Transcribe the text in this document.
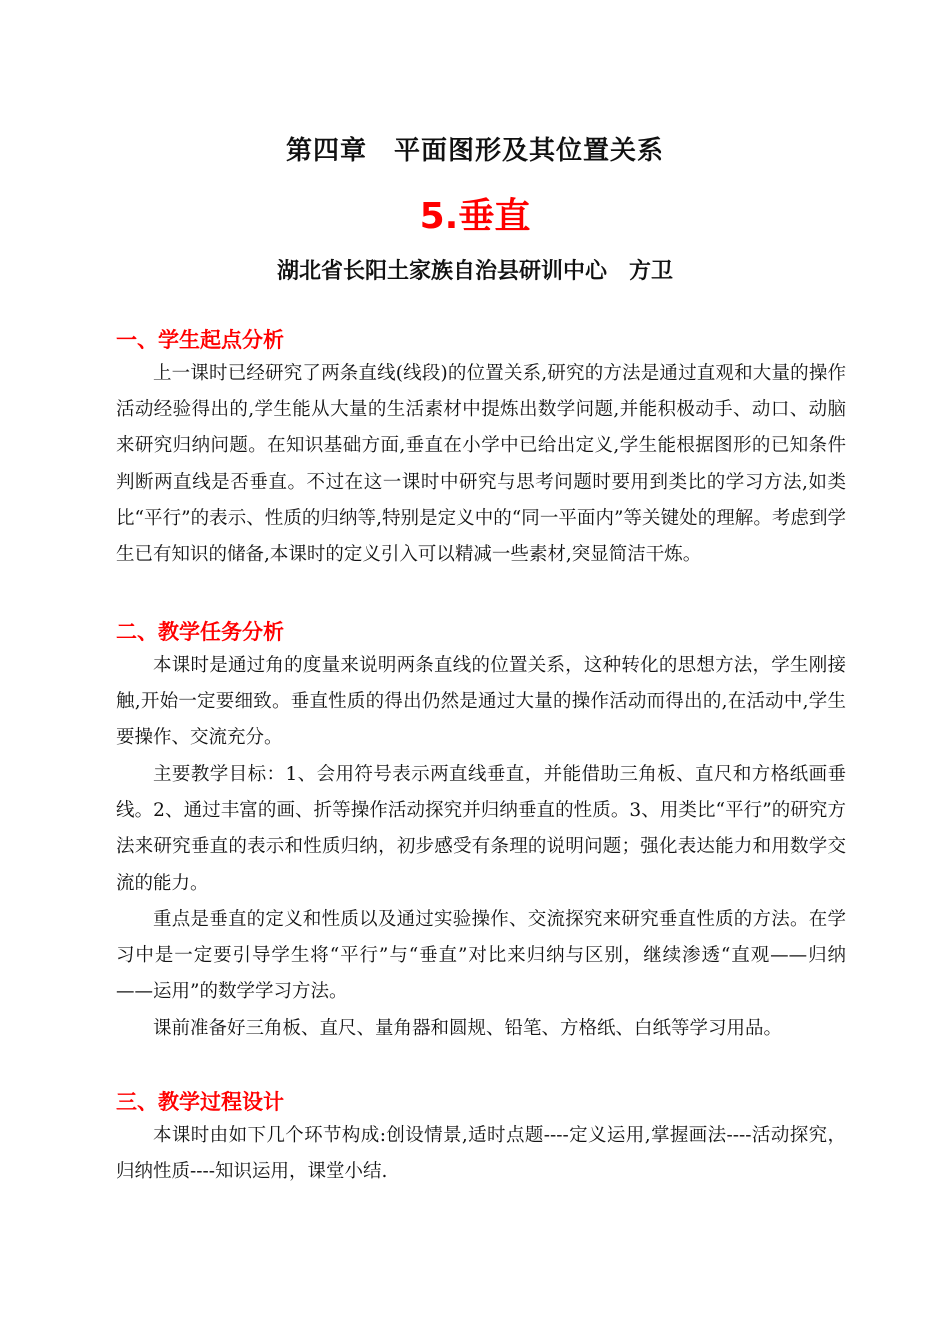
第四章　平面图形及其位置关系
5.垂直
湖北省长阳土家族自治县研训中心　方卫
一、学生起点分析

上一课时已经研究了两条直线(线段)的位置关系,研究的方法是通过直观和大量的操作活动经验得出的,学生能从大量的生活素材中提炼出数学问题,并能积极动手、动口、动脑来研究归纳问题。在知识基础方面,垂直在小学中已给出定义,学生能根据图形的已知条件判断两直线是否垂直。不过在这一课时中研究与思考问题时要用到类比的学习方法,如类比“平行”的表示、性质的归纳等,特别是定义中的“同一平面内”等关键处的理解。考虑到学生已有知识的储备,本课时的定义引入可以精减一些素材,突显简洁干炼。

二、教学任务分析

本课时是通过角的度量来说明两条直线的位置关系，这种转化的思想方法，学生刚接触,开始一定要细致。垂直性质的得出仍然是通过大量的操作活动而得出的,在活动中,学生要操作、交流充分。

主要教学目标：1、会用符号表示两直线垂直，并能借助三角板、直尺和方格纸画垂线。2、通过丰富的画、折等操作活动探究并归纳垂直的性质。3、用类比“平行”的研究方法来研究垂直的表示和性质归纳，初步感受有条理的说明问题；强化表达能力和用数学交流的能力。

重点是垂直的定义和性质以及通过实验操作、交流探究来研究垂直性质的方法。在学习中是一定要引导学生将“平行”与“垂直”对比来归纳与区别，继续渗透“直观——归纳——运用”的数学学习方法。

课前准备好三角板、直尺、量角器和圆规、铅笔、方格纸、白纸等学习用品。

三、教学过程设计

本课时由如下几个环节构成:创设情景,适时点题----定义运用,掌握画法----活动探究，归纳性质----知识运用，课堂小结.
